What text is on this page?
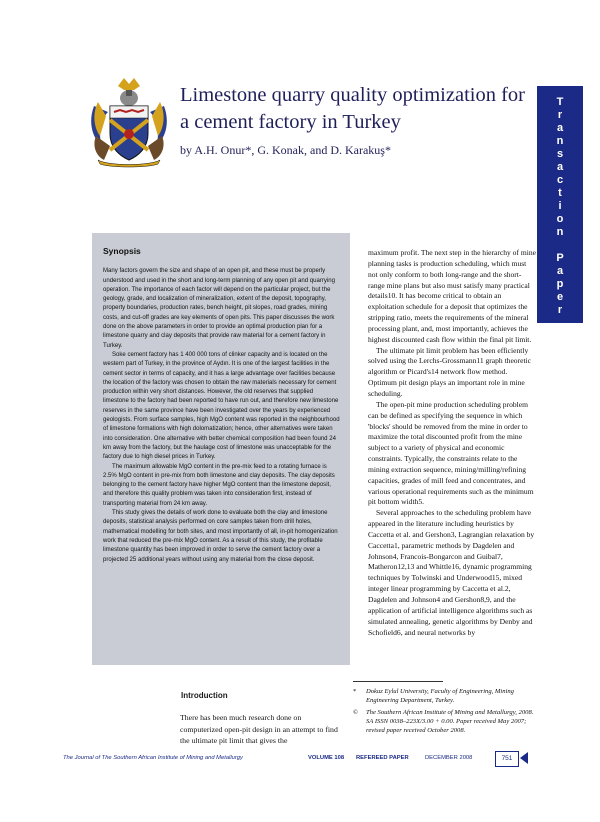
Limestone quarry quality optimization for a cement factory in Turkey
by A.H. Onur*, G. Konak, and D. Karakuş*
T
r
a
n
s
a
c
t
i
o
n
P
a
p
e
r
Synopsis

Many factors govern the size and shape of an open pit, and these must be properly understood and used in the short and long-term planning of any open pit and quarrying operation. The importance of each factor will depend on the particular project, but the geology, grade, and localization of mineralization, extent of the deposit, topography, property boundaries, production rates, bench height, pit slopes, road grades, mining costs, and cut-off grades are key elements of open pits. This paper discusses the work done on the above parameters in order to provide an optimal production plan for a limestone quarry and clay deposits that provide raw material for a cement factory in Turkey.

Soke cement factory has 1 400 000 tons of clinker capacity and is located on the western part of Turkey, in the province of Aydın. It is one of the largest facilities in the cement sector in terms of capacity, and it has a large advantage over facilities because the location of the factory was chosen to obtain the raw materials necessary for cement production within very short distances. However, the old reserves that supplied limestone to the factory had been reported to have run out, and therefore new limestone reserves in the same province have been investigated over the years by experienced geologists. From surface samples, high MgO content was reported in the neighbourhood of limestone formations with high dolomatization; hence, other alternatives were taken into consideration. One alternative with better chemical composition had been found 24 km away from the factory, but the haulage cost of limestone was unacceptable for the factory due to high diesel prices in Turkey.

The maximum allowable MgO content in the pre-mix feed to a rotating furnace is 2.5% MgO content in pre-mix from both limestone and clay deposits. The clay deposits belonging to the cement factory have higher MgO content than the limestone deposit, and therefore this quality problem was taken into consideration first, instead of transporting material from 24 km away.

This study gives the details of work done to evaluate both the clay and limestone deposits, statistical analysis performed on core samples taken from drill holes, mathematical modelling for both sites, and most importantly of all, in-pit homogenization work that reduced the pre-mix MgO content. As a result of this study, the profitable limestone quantity has been improved in order to serve the cement factory over a projected 25 additional years without using any material from the close deposit.

maximum profit. The next step in the hierarchy of mine planning tasks is production scheduling, which must not only conform to both long-range and the short-range mine plans but also must satisfy many practical details10. It has become critical to obtain an exploitation schedule for a deposit that optimizes the stripping ratio, meets the requirements of the mineral processing plant, and, most importantly, achieves the highest discounted cash flow within the final pit limit.

The ultimate pit limit problem has been efficiently solved using the Lerchs-Grossmann11 graph theoretic algorithm or Picard's14 network flow method. Optimum pit design plays an important role in mine scheduling.

The open-pit mine production scheduling problem can be defined as specifying the sequence in which 'blocks' should be removed from the mine in order to maximize the total discounted profit from the mine subject to a variety of physical and economic constraints. Typically, the constraints relate to the mining extraction sequence, mining/milling/refining capacities, grades of mill feed and concentrates, and various operational requirements such as the minimum pit bottom width5.

Several approaches to the scheduling problem have appeared in the literature including heuristics by Caccetta et al. and Gershon3, Lagrangian relaxation by Caccetta1, parametric methods by Dagdelen and Johnson4, Francois-Bongarcon and Guibal7, Matheron12,13 and Whittle16, dynamic programming techniques by Tolwinski and Underwood15, mixed integer linear programming by Caccetta et al.2, Dagdelen and Johnson4 and Gershon8,9, and the application of artificial intelligence algorithms such as simulated annealing, genetic algorithms by Denby and Schofield6, and neural networks by

Introduction

There has been much research done on computerized open-pit design in an attempt to find the ultimate pit limit that gives the

*	Dokuz Eylul University, Faculty of Engineering, Mining Engineering Department, Turkey.

©	The Southern African Institute of Mining and Metallurgy, 2008. SA ISSN 0038–223X/3.00 + 0.00. Paper received May 2007; revised paper received October 2008.

The Journal of The Southern African Institute of Mining and Metallurgy	VOLUME 108 REFEREED PAPER	DECEMBER 2008	751
